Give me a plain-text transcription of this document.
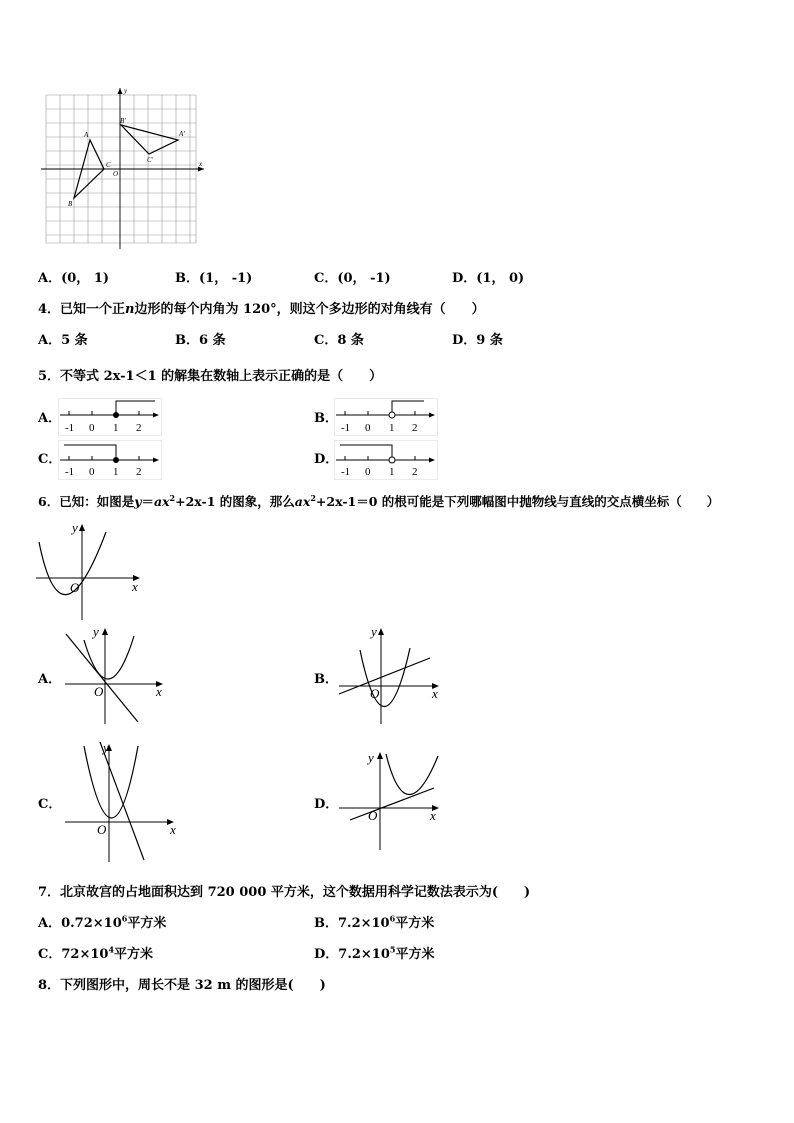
A
B
C
O
A'
B'
C'	x
y
A．(0， 1)	B．(1， -1)	C．(0， -1)	D．(1， 0)
4．已知一个正n边形的每个内角为 120°，则这个多边形的对角线有（　　）
A．5 条	B．6 条	C．8 条	D．9 条
5．不等式 2x-1＜1 的解集在数轴上表示正确的是（　　）
A．
-1 0 1 2
B．
-1 0 1 2
C．
-1 0 1 2
D．
-1 0 1 2
6．已知：如图是$y=ax^2+2x-1$ 的图象，那么$ax^2+2x-1=0$ 的根可能是下列哪幅图中抛物线与直线的交点横坐标（　　）
O	x
y
A．
O	x
y
B．
O	x
y
C．
O	x
y
D．
O	x
y
7．北京故宫的占地面积达到 720 000 平方米，这个数据用科学记数法表示为(　　)
A．$0.72\times 10^6$平方米	B．$7.2\times 10^6$平方米
C．$72\times 10^4$平方米	D．$7.2\times 10^5$平方米
8．下列图形中，周长不是 32 m 的图形是(　　)
